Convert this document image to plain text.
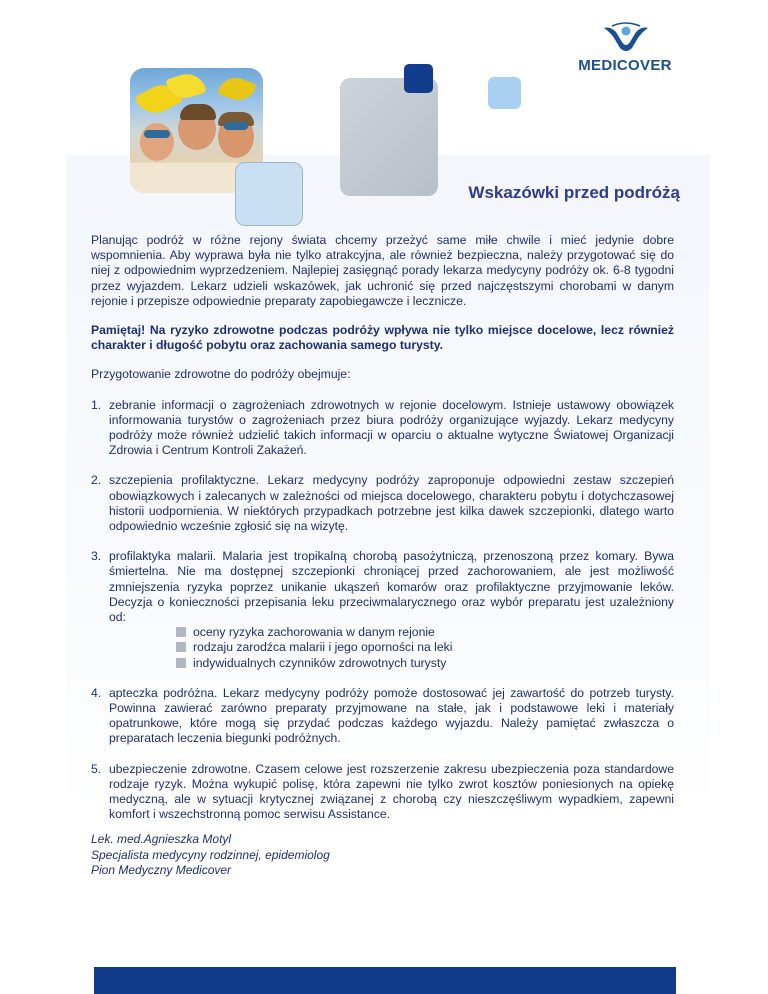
MEDICOVER
Wskazówki przed podróżą

Planując podróż w różne rejony świata chcemy przeżyć same miłe chwile i mieć jedynie dobre wspomnienia. Aby wyprawa była nie tylko atrakcyjna, ale również bezpieczna, należy przygotować się do niej z odpowiednim wyprzedzeniem. Najlepiej zasięgnąć porady lekarza medycyny podróży ok. 6-8 tygodni przez wyjazdem. Lekarz udzieli wskazówek, jak uchronić się przed najczęstszymi chorobami w danym rejonie i przepisze odpowiednie preparaty zapobiegawcze i lecznicze.

Pamiętaj! Na ryzyko zdrowotne podczas podróży wpływa nie tylko miejsce docelowe, lecz również charakter i długość pobytu oraz zachowania samego turysty.

Przygotowanie zdrowotne do podróży obejmuje:

1. zebranie informacji o zagrożeniach zdrowotnych w rejonie docelowym. Istnieje ustawowy obowiązek informowania turystów o zagrożeniach przez biura podróży organizujące wyjazdy. Lekarz medycyny podróży może również udzielić takich informacji w oparciu o aktualne wytyczne Światowej Organizacji Zdrowia i Centrum Kontroli Zakażeń.
2. szczepienia profilaktyczne. Lekarz medycyny podróży zaproponuje odpowiedni zestaw szczepień obowiązkowych i zalecanych w zależności od miejsca docelowego, charakteru pobytu i dotychczasowej historii uodpornienia. W niektórych przypadkach potrzebne jest kilka dawek szczepionki, dlatego warto odpowiednio wcześnie zgłosić się na wizytę.
3. profilaktyka malarii. Malaria jest tropikalną chorobą pasożytniczą, przenoszoną przez komary. Bywa śmiertelna. Nie ma dostępnej szczepionki chroniącej przed zachorowaniem, ale jest możliwość zmniejszenia ryzyka poprzez unikanie ukąszeń komarów oraz profilaktyczne przyjmowanie leków. Decyzja o konieczności przepisania leku przeciwmalarycznego oraz wybór preparatu jest uzależniony od:
oceny ryzyka zachorowania w danym rejonie
rodzaju zarodźca malarii i jego oporności na leki
indywidualnych czynników zdrowotnych turysty
4. apteczka podróżna. Lekarz medycyny podróży pomoże dostosować jej zawartość do potrzeb turysty. Powinna zawierać zarówno preparaty przyjmowane na stałe, jak i podstawowe leki i materiały opatrunkowe, które mogą się przydać podczas każdego wyjazdu. Należy pamiętać zwłaszcza o preparatach leczenia biegunki podróżnych.
5. ubezpieczenie zdrowotne. Czasem celowe jest rozszerzenie zakresu ubezpieczenia poza standardowe rodzaje ryzyk. Można wykupić polisę, która zapewni nie tylko zwrot kosztów poniesionych na opiekę medyczną, ale w sytuacji krytycznej związanej z chorobą czy nieszczęśliwym wypadkiem, zapewni komfort i wszechstronną pomoc serwisu Assistance.
Lek. med.Agnieszka Motyl
Specjalista medycyny rodzinnej, epidemiolog
Pion Medyczny Medicover
